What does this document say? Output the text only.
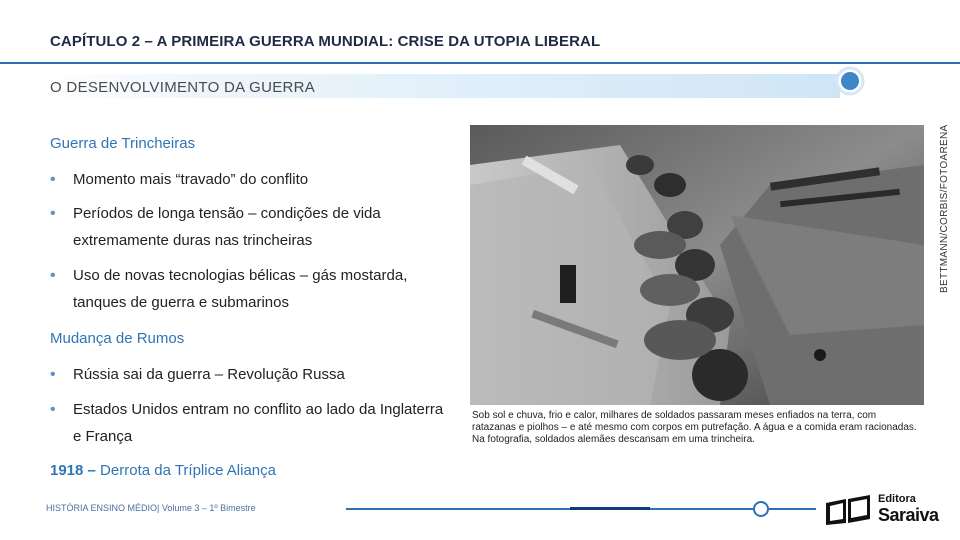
CAPÍTULO 2 – A PRIMEIRA GUERRA MUNDIAL: CRISE DA UTOPIA LIBERAL
O DESENVOLVIMENTO DA GUERRA
Guerra de Trincheiras
•	Momento mais “travado” do conflito
•	Períodos de longa tensão – condições de vida extremamente duras nas trincheiras
•	Uso de novas tecnologias bélicas – gás mostarda, tanques de guerra e submarinos
Mudança de Rumos
•	Rússia sai da guerra – Revolução Russa
•	Estados Unidos entram no conflito ao lado da Inglaterra e França
1918 – Derrota da Tríplice Aliança
BETTMANN/CORBIS/FOTOARENA
Sob sol e chuva, frio e calor, milhares de soldados passaram meses enfiados na terra, com ratazanas e piolhos – e até mesmo com corpos em putrefação. A água e a comida eram racionadas. Na fotografia, soldados alemães descansam em uma trincheira.
HISTÓRIA ENSINO MÉDIO| Volume 3 – 1º Bimestre
Editora
Saraiva
